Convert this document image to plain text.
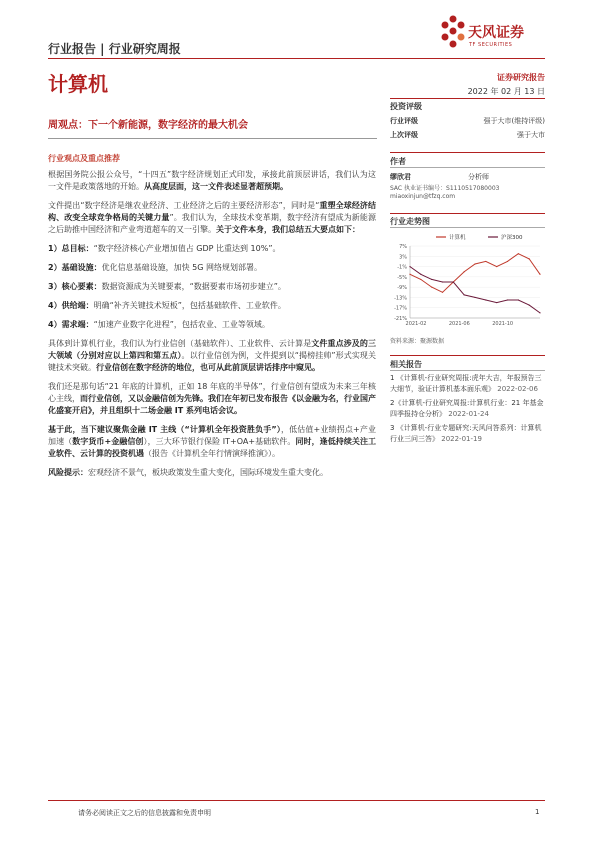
行业报告 | 行业研究周报
天风证券
TF SECURITIES
计算机	证券研究报告
2022 年 02 月 13 日
周观点：下一个新能源，数字经济的最大机会
行业观点及重点推荐

根据国务院公报公众号，“十四五”数字经济规划正式印发，承接此前顶层讲话，我们认为这一文件是政策落地的开始。从高度层面，这一文件表述显著超预期。

文件提出“数字经济是继农业经济、工业经济之后的主要经济形态”，同时是“重塑全球经济结构、改变全球竞争格局的关键力量”。我们认为，全球技术变革期，数字经济有望成为新能源之后助推中国经济和产业弯道超车的又一引擎。关于文件本身，我们总结五大要点如下：

1）总目标：“数字经济核心产业增加值占 GDP 比重达到 10%”。

2）基础设施：优化信息基础设施，加快 5G 网络规划部署。

3）核心要素：数据资源成为关键要素，“数据要素市场初步建立”。

4）供给端：明确“补齐关键技术短板”，包括基础软件、工业软件。

4）需求端：“加速产业数字化进程”，包括农业、工业等领域。

具体到计算机行业，我们认为行业信创（基础软件）、工业软件、云计算是文件重点涉及的三大领域（分别对应以上第四和第五点）。以行业信创为例，文件提到以“揭榜挂帅”形式实现关键技术突破。行业信创在数字经济的地位，也可从此前顶层讲话排序中窥见。

我们还是那句话“21 年底的计算机，正如 18 年底的半导体”，行业信创有望成为未来三年核心主线，而行业信创，又以金融信创为先锋。我们在年初已发布报告《以金融为名，行业国产化盛宴开启》，并且组织十二场金融 IT 系列电话会议。

基于此，当下建议聚焦金融 IT 主线（“计算机全年投资胜负手”），低估值+业绩拐点+产业加速（数字货币+金融信创），三大环节银行保险 IT+OA+基础软件。同时，逢低持续关注工业软件、云计算的投资机遇（报告《计算机全年行情演绎推演》）。

风险提示：宏观经济不景气，板块政策发生重大变化，国际环境发生重大变化。

投资评级
行业评级	强于大市(维持评级)
上次评级	强于大市
作者
缪欣君	分析师
SAC 执业证书编号：S1110517080003
miaoxinjun@tfzq.com
行业走势图
7%
3%
-1%
-5%
-9%
-13%
-17%
-21%
2021-02	2021-06	2021-10
计算机	沪深300
资料来源：聚源数据
相关报告
1 《计算机-行业研究周报:虎年大吉，年报预告三大细节，验证计算机基本面乐观》 2022-02-06
2《计算机-行业研究周报:计算机行业：21 年基金四季报持仓分析》 2022-01-24
3 《计算机-行业专题研究:天风问答系列：计算机行业三问三答》 2022-01-19
请务必阅读正文之后的信息披露和免责申明	1
